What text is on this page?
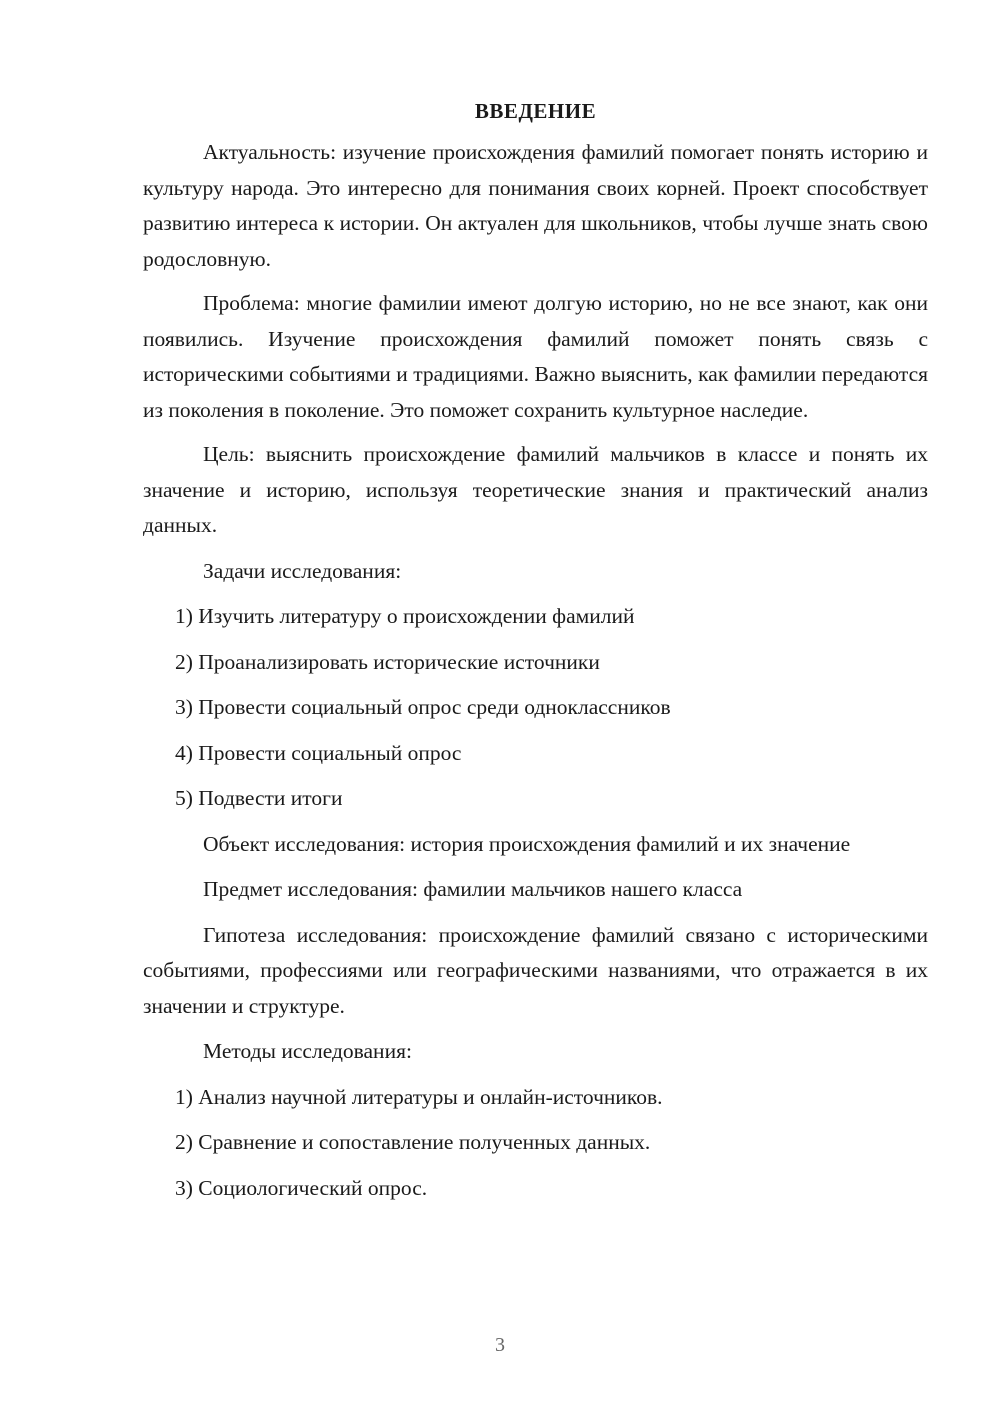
ВВЕДЕНИЕ

Актуальность: изучение происхождения фамилий помогает понять историю и культуру народа. Это интересно для понимания своих корней. Проект способствует развитию интереса к истории. Он актуален для школьников, чтобы лучше знать свою родословную.

Проблема: многие фамилии имеют долгую историю, но не все знают, как они появились. Изучение происхождения фамилий поможет понять связь с историческими событиями и традициями. Важно выяснить, как фамилии передаются из поколения в поколение. Это поможет сохранить культурное наследие.

Цель: выяснить происхождение фамилий мальчиков в классе и понять их значение и историю, используя теоретические знания и практический анализ данных.

Задачи исследования:

1) Изучить литературу о происхождении фамилий

2) Проанализировать исторические источники

3) Провести социальный опрос среди одноклассников

4) Провести социальный опрос

5) Подвести итоги

Объект исследования: история происхождения фамилий и их значение

Предмет исследования: фамилии мальчиков нашего класса

Гипотеза исследования: происхождение фамилий связано с историческими событиями, профессиями или географическими названиями, что отражается в их значении и структуре.

Методы исследования:

1) Анализ научной литературы и онлайн-источников.

2) Сравнение и сопоставление полученных данных.

3) Социологический опрос.

3
